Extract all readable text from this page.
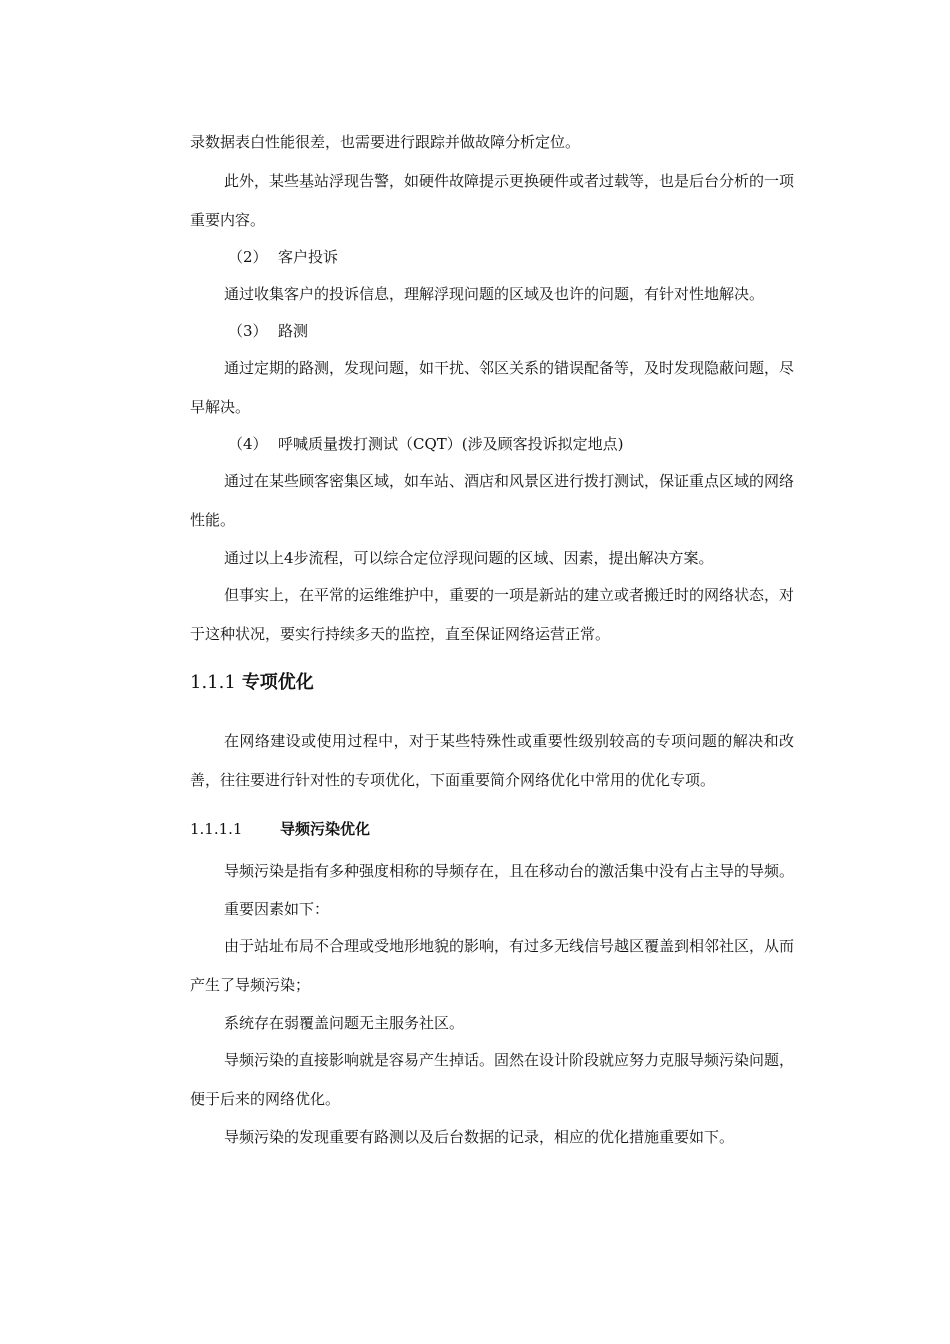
录数据表白性能很差，也需要进行跟踪并做故障分析定位。

此外，某些基站浮现告警，如硬件故障提示更换硬件或者过载等，也是后台分析的一项重要内容。

（2） 客户投诉

通过收集客户的投诉信息，理解浮现问题的区域及也许的问题，有针对性地解决。

（3） 路测

通过定期的路测，发现问题，如干扰、邻区关系的错误配备等，及时发现隐蔽问题，尽早解决。

（4） 呼喊质量拨打测试（CQT）(涉及顾客投诉拟定地点)

通过在某些顾客密集区域，如车站、酒店和风景区进行拨打测试，保证重点区域的网络性能。

通过以上4步流程，可以综合定位浮现问题的区域、因素，提出解决方案。

但事实上，在平常的运维维护中，重要的一项是新站的建立或者搬迁时的网络状态，对于这种状况，要实行持续多天的监控，直至保证网络运营正常。

1.1.1 专项优化

在网络建设或使用过程中，对于某些特殊性或重要性级别较高的专项问题的解决和改善，往往要进行针对性的专项优化，下面重要简介网络优化中常用的优化专项。

1.1.1.1	导频污染优化

导频污染是指有多种强度相称的导频存在，且在移动台的激活集中没有占主导的导频。

重要因素如下：

由于站址布局不合理或受地形地貌的影响，有过多无线信号越区覆盖到相邻社区，从而产生了导频污染；

系统存在弱覆盖问题无主服务社区。

导频污染的直接影响就是容易产生掉话。固然在设计阶段就应努力克服导频污染问题，便于后来的网络优化。

导频污染的发现重要有路测以及后台数据的记录，相应的优化措施重要如下。
